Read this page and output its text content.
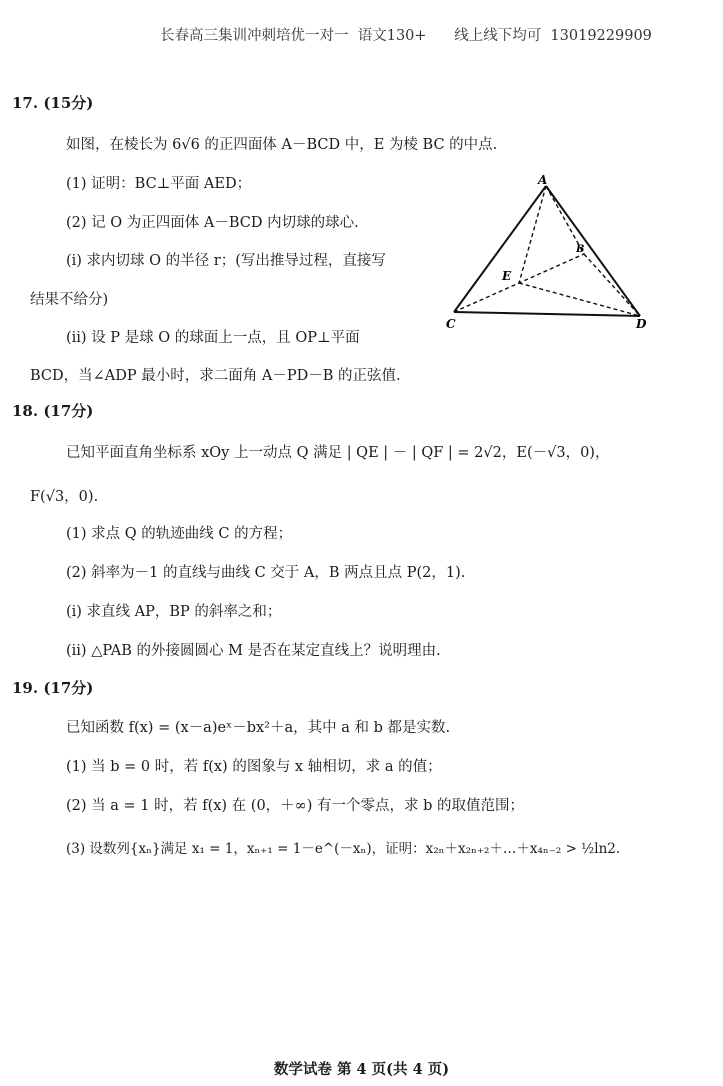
长春高三集训冲刺培优一对一  语文130+ 线上线下均可  13019229909
17. (15分)
如图，在棱长为 6√6 的正四面体 A－BCD 中，E 为棱 BC 的中点.
(1) 证明：BC⊥平面 AED；
(2) 记 O 为正四面体 A－BCD 内切球的球心.
(i) 求内切球 O 的半径 r；(写出推导过程，直接写
结果不给分)
(ⅱ) 设 P 是球 O 的球面上一点，且 OP⊥平面
BCD，当∠ADP 最小时，求二面角 A－PD－B 的正弦值.
A
B
C	D
E
18. (17分)
已知平面直角坐标系 xOy 上一动点 Q 满足 | QE | － | QF | = 2√2，E(－√3，0)，
F(√3，0).
(1) 求点 Q 的轨迹曲线 C 的方程；
(2) 斜率为－1 的直线与曲线 C 交于 A，B 两点且点 P(2，1).
(i) 求直线 AP，BP 的斜率之和；
(ⅱ) △PAB 的外接圆圆心 M 是否在某定直线上？说明理由.
19. (17分)
已知函数 f(x) = (x－a)eˣ－bx²＋a，其中 a 和 b 都是实数.
(1) 当 b = 0 时，若 f(x) 的图象与 x 轴相切，求 a 的值；
(2) 当 a = 1 时，若 f(x) 在 (0，＋∞) 有一个零点，求 b 的取值范围；
(3) 设数列{xₙ}满足 x₁ = 1，xₙ₊₁ = 1－e^(－xₙ)，证明：x₂ₙ＋x₂ₙ₊₂＋…＋x₄ₙ₋₂ > ½ln2.
数学试卷 第 4 页(共 4 页)
